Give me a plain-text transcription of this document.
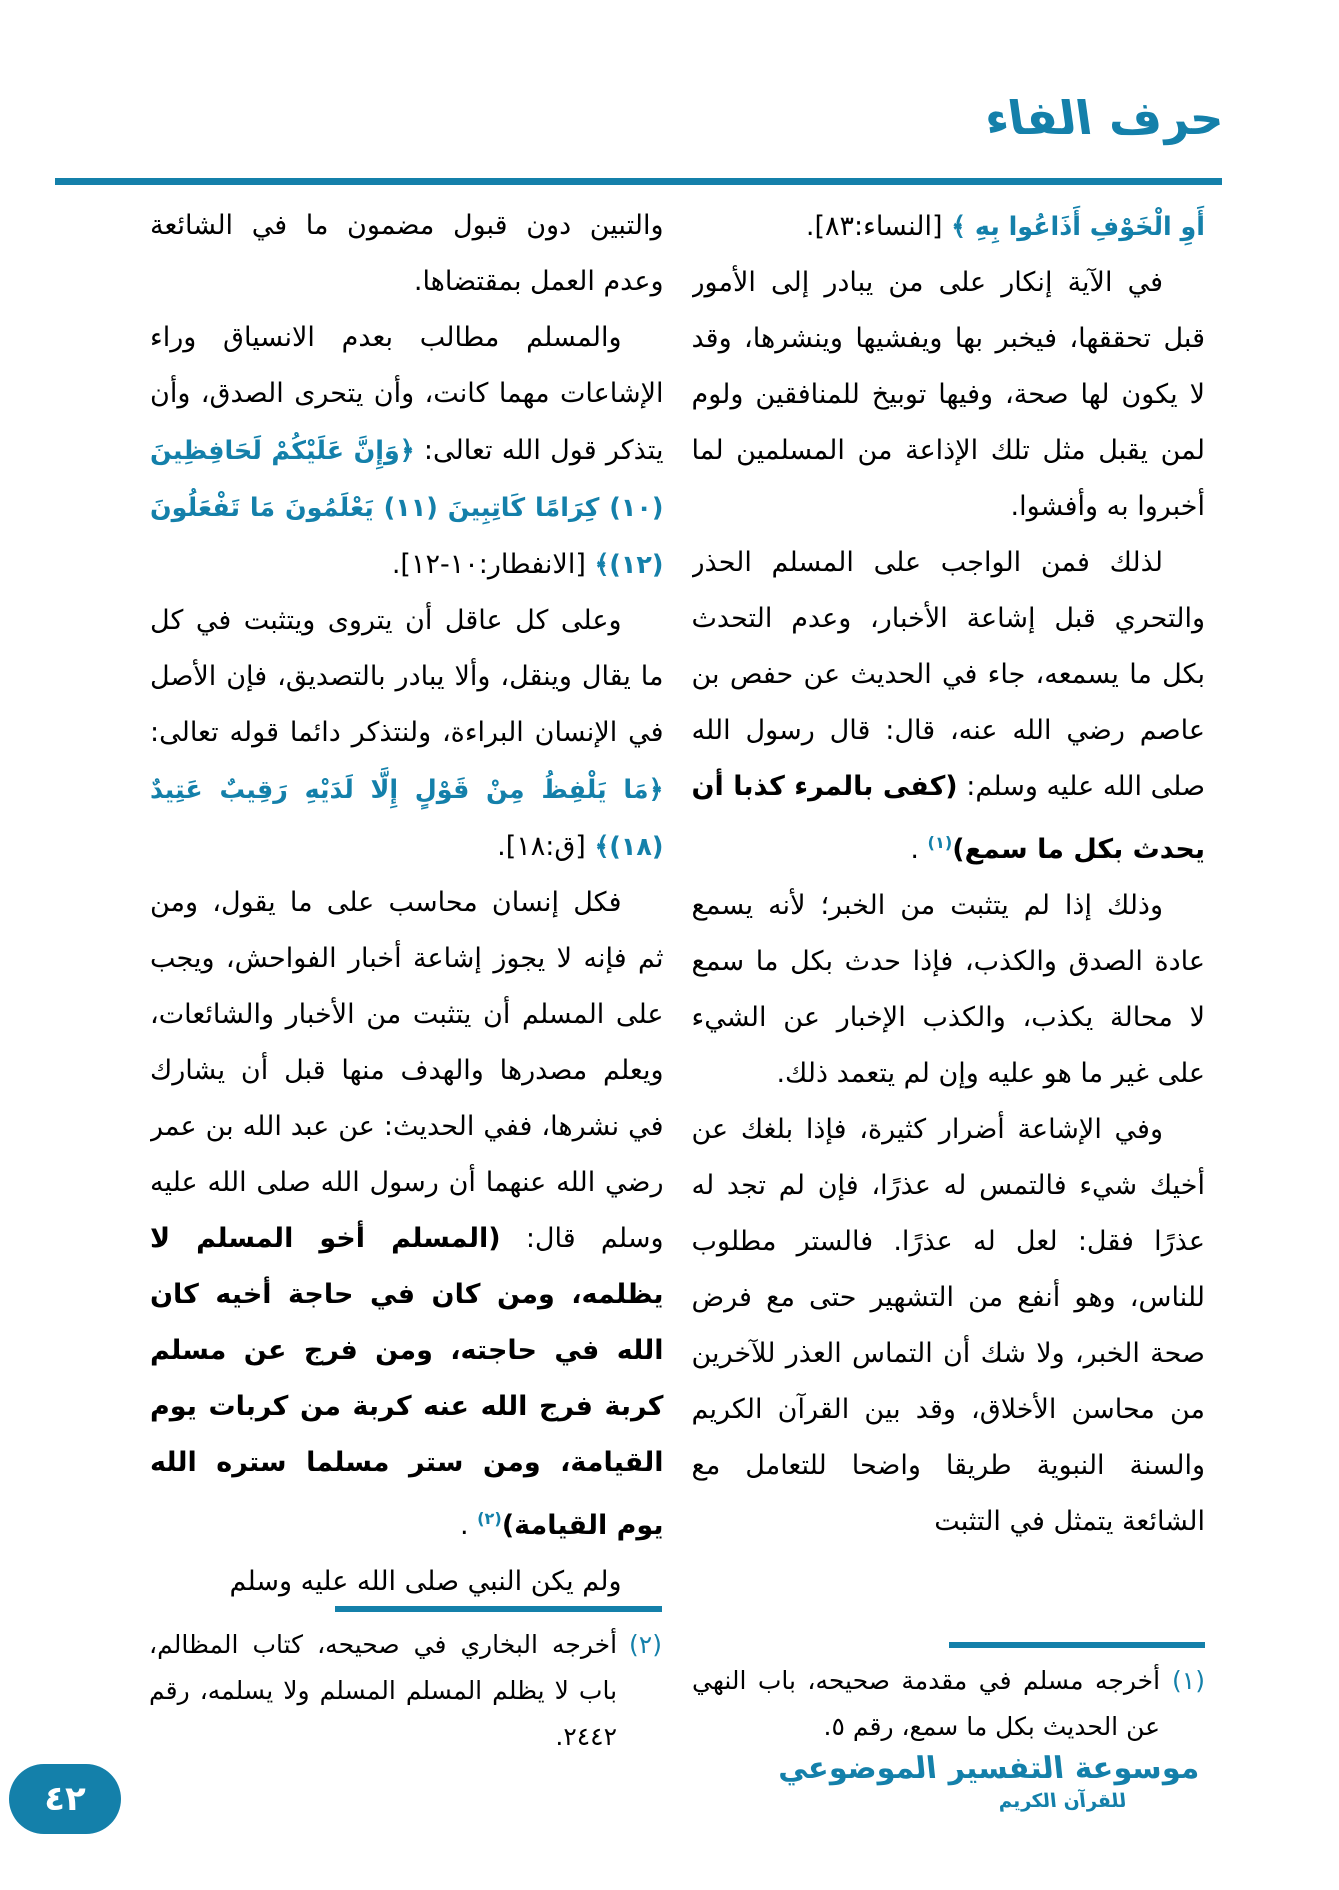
حرف الفاء

أَوِ الْخَوْفِ أَذَاعُوا بِهِ ﴾ [النساء:٨٣].

في الآية إنكار على من يبادر إلى الأمور قبل تحققها، فيخبر بها ويفشيها وينشرها، وقد لا يكون لها صحة، وفيها توبيخ للمنافقين ولوم لمن يقبل مثل تلك الإذاعة من المسلمين لما أخبروا به وأفشوا.

لذلك فمن الواجب على المسلم الحذر والتحري قبل إشاعة الأخبار، وعدم التحدث بكل ما يسمعه، جاء في الحديث عن حفص بن عاصم رضي الله عنه، قال: قال رسول الله صلى الله عليه وسلم: (كفى بالمرء كذبا أن يحدث بكل ما سمع)$^{(١)}$ .

وذلك إذا لم يتثبت من الخبر؛ لأنه يسمع عادة الصدق والكذب، فإذا حدث بكل ما سمع لا محالة يكذب، والكذب الإخبار عن الشيء على غير ما هو عليه وإن لم يتعمد ذلك.

وفي الإشاعة أضرار كثيرة، فإذا بلغك عن أخيك شيء فالتمس له عذرًا، فإن لم تجد له عذرًا فقل: لعل له عذرًا. فالستر مطلوب للناس، وهو أنفع من التشهير حتى مع فرض صحة الخبر، ولا شك أن التماس العذر للآخرين من محاسن الأخلاق، وقد بين القرآن الكريم والسنة النبوية طريقا واضحا للتعامل مع الشائعة يتمثل في التثبت

والتبين دون قبول مضمون ما في الشائعة وعدم العمل بمقتضاها.

والمسلم مطالب بعدم الانسياق وراء الإشاعات مهما كانت، وأن يتحرى الصدق، وأن يتذكر قول الله تعالى: ﴿وَإِنَّ عَلَيْكُمْ لَحَافِظِينَ (١٠) كِرَامًا كَاتِبِينَ (١١) يَعْلَمُونَ مَا تَفْعَلُونَ (١٢)﴾ [الانفطار:١٠-١٢].

وعلى كل عاقل أن يتروى ويتثبت في كل ما يقال وينقل، وألا يبادر بالتصديق، فإن الأصل في الإنسان البراءة، ولنتذكر دائما قوله تعالى: ﴿مَا يَلْفِظُ مِنْ قَوْلٍ إِلَّا لَدَيْهِ رَقِيبٌ عَتِيدٌ (١٨)﴾ [ق:١٨].

فكل إنسان محاسب على ما يقول، ومن ثم فإنه لا يجوز إشاعة أخبار الفواحش، ويجب على المسلم أن يتثبت من الأخبار والشائعات، ويعلم مصدرها والهدف منها قبل أن يشارك في نشرها، ففي الحديث: عن عبد الله بن عمر رضي الله عنهما أن رسول الله صلى الله عليه وسلم قال: (المسلم أخو المسلم لا يظلمه، ومن كان في حاجة أخيه كان الله في حاجته، ومن فرج عن مسلم كربة فرج الله عنه كربة من كربات يوم القيامة، ومن ستر مسلما ستره الله يوم القيامة)$^{(٢)}$ .

ولم يكن النبي صلى الله عليه وسلم

(١)
أخرجه مسلم في مقدمة صحيحه، باب النهي عن الحديث بكل ما سمع، رقم ٥.
(٢)
أخرجه البخاري في صحيحه، كتاب المظالم، باب لا يظلم المسلم المسلم ولا يسلمه، رقم ٢٤٤٢.
موسوعة التفسير الموضوعي
للقرآن الكريم
٤٢
